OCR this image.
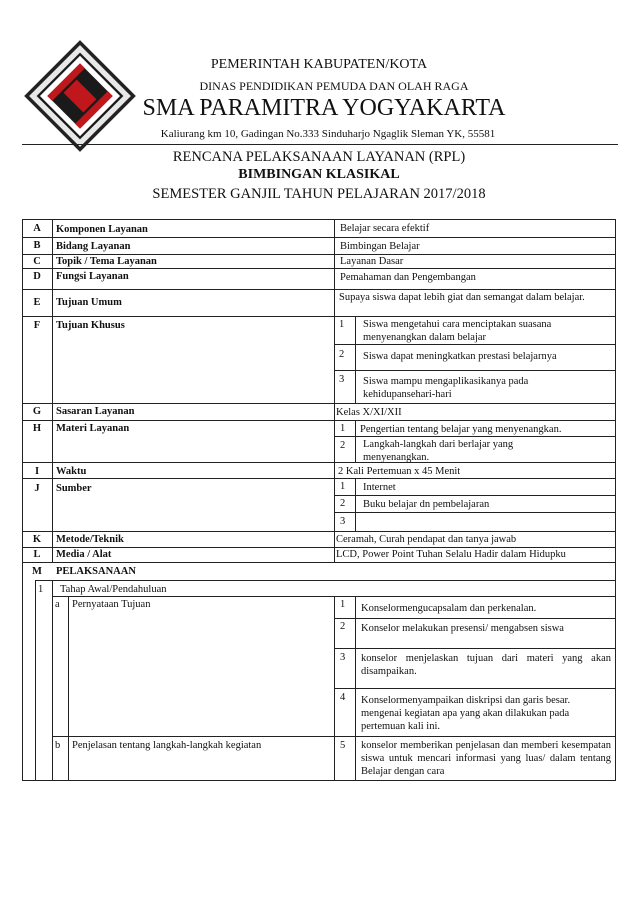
PEMERINTAH KABUPATEN/KOTA
DINAS PENDIDIKAN PEMUDA DAN OLAH RAGA
SMA PARAMITRA YOGYAKARTA
Kaliurang km 10, Gadingan No.333 Sinduharjo Ngaglik Sleman YK, 55581
RENCANA PELAKSANAAN LAYANAN (RPL)
BIMBINGAN KLASIKAL
SEMESTER GANJIL TAHUN PELAJARAN 2017/2018
A	Komponen Layanan	Belajar secara efektif
B	Bidang Layanan	Bimbingan Belajar
C	Topik / Tema Layanan	Layanan Dasar
D	Fungsi Layanan	Pemahaman dan Pengembangan
E	Tujuan Umum	Supaya siswa dapat lebih giat dan semangat dalam belajar.
F	Tujuan Khusus	1	Siswa mengetahui cara menciptakan suasana menyenangkan dalam belajar
2	Siswa dapat meningkatkan prestasi belajarnya
3	Siswa mampu mengaplikasikanya pada kehidupansehari-hari
G	Sasaran Layanan	Kelas X/XI/XII
H	Materi Layanan	1	Pengertian tentang belajar yang menyenangkan.
2	Langkah-langkah dari berlajar yang menyenangkan.
I	Waktu	2 Kali Pertemuan x 45 Menit
J	Sumber	1	Internet
2	Buku belajar dn pembelajaran
3
K	Metode/Teknik	Ceramah, Curah pendapat dan tanya jawab
L	Media / Alat	LCD, Power Point Tuhan Selalu Hadir dalam Hidupku
M	PELAKSANAAN
1	Tahap Awal/Pendahuluan
a	Pernyataan Tujuan	1	Konselormengucapsalam dan perkenalan.
2	Konselor melakukan presensi/ mengabsen siswa
3	konselor menjelaskan tujuan dari materi yang akan disampaikan.
4	Konselormenyampaikan diskripsi dan garis besar. mengenai kegiatan apa yang akan dilakukan pada pertemuan kali ini.
b	Penjelasan tentang langkah-langkah kegiatan	5	konselor memberikan penjelasan dan memberi kesempatan siswa untuk mencari informasi yang luas/ dalam tentang Belajar dengan cara
